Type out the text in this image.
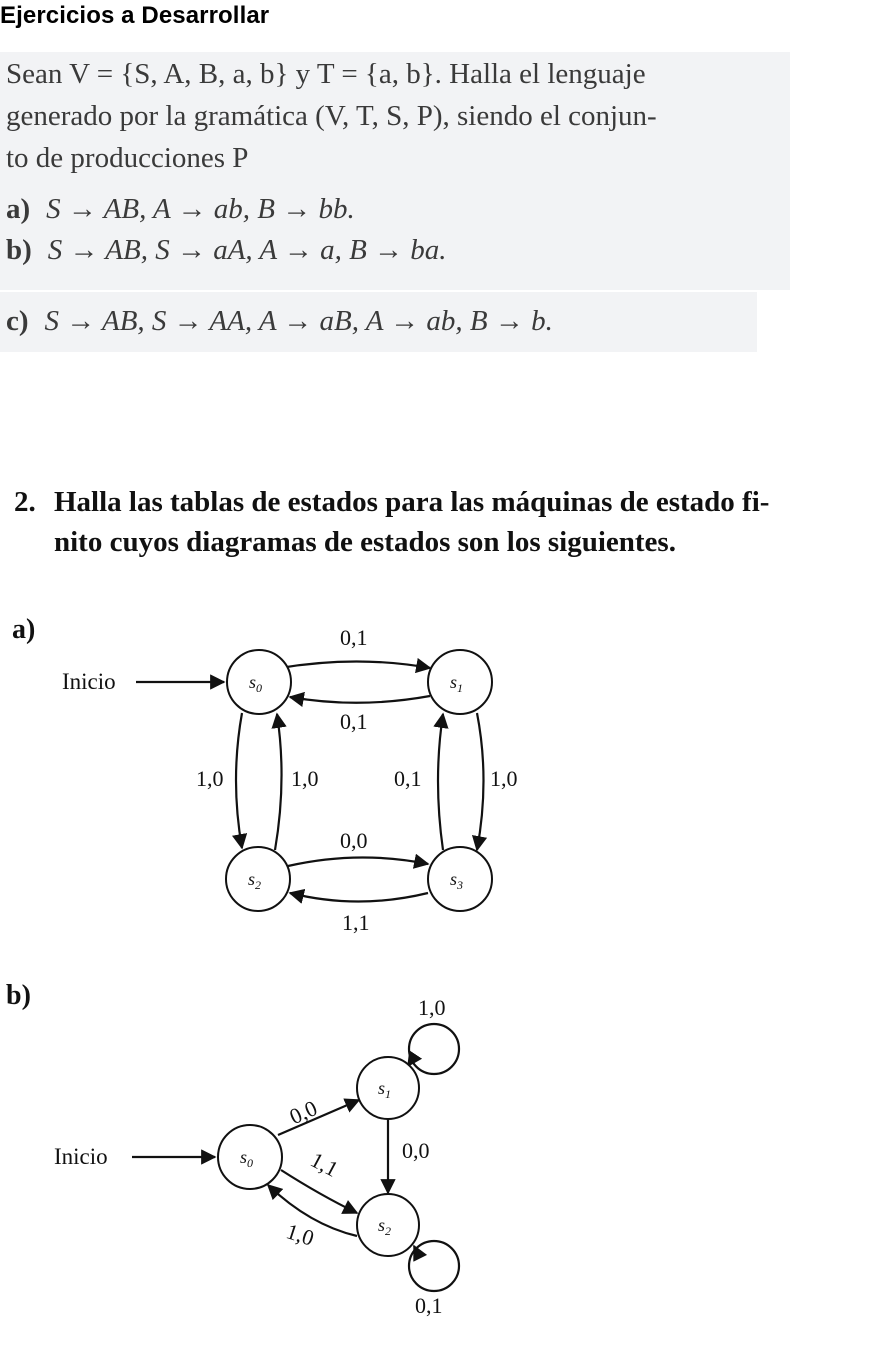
Ejercicios a Desarrollar
Sean V = {S, A, B, a, b} y T = {a, b}. Halla el lenguaje
generado por la gramática (V, T, S, P), siendo el conjun-
to de producciones P
a) S → AB, A → ab, B → bb.
b) S → AB, S → aA, A → a, B → ba.
c) S → AB, S → AA, A → aB, A → ab, B → b.
2. Halla las tablas de estados para las máquinas de estado fi-
nito cuyos diagramas de estados son los siguientes.
a)
b)
Inicio
0,1
0,1
1,0	1,0	0,1	1,0
0,0
1,1
$s_0$	$s_1$
$s_2$	$s_3$
Inicio
0,0
1,1
1,0
0,0
1,0
0,1
$s_0$
$s_1$
$s_2$
